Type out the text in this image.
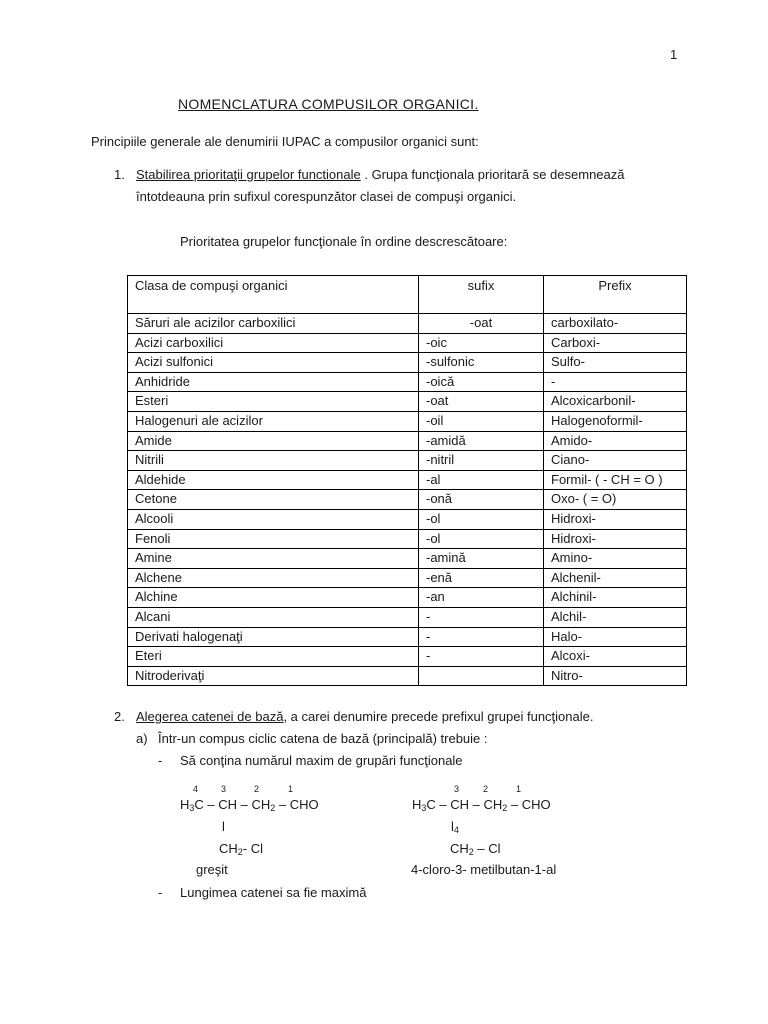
1
NOMENCLATURA COMPUSILOR ORGANICI.
Principiile generale ale denumirii IUPAC a compusilor organici sunt:
1. Stabilirea prioritaţii grupelor functionale . Grupa funcţionala prioritară se desemnează
întotdeauna prin sufixul corespunzător clasei de compuşi organici.
Prioritatea grupelor funcţionale în ordine descrescătoare:
Clasa de compuşi organici	sufix	Prefix
Săruri ale acizilor carboxilici	-oat	carboxilato-
Acizi carboxilici	-oic	Carboxi-
Acizi sulfonici	-sulfonic	Sulfo-
Anhidride	-oică	-
Esteri	-oat	Alcoxicarbonil-
Halogenuri ale acizilor	-oil	Halogenoformil-
Amide	-amidă	Amido-
Nitrili	-nitril	Ciano-
Aldehide	-al	Formil- ( - CH = O )
Cetone	-onă	Oxo- ( = O)
Alcooli	-ol	Hidroxi-
Fenoli	-ol	Hidroxi-
Amine	-amină	Amino-
Alchene	-enă	Alchenil-
Alchine	-an	Alchinil-
Alcani	-	Alchil-
Derivati halogenaţi	-	Halo-
Eteri	-	Alcoxi-
Nitroderivaţi		Nitro-
2. Alegerea catenei de bază, a carei denumire precede prefixul grupei funcţionale.
a) Într-un compus ciclic catena de bază (principală) trebuie :
- Să conţina numărul maxim de grupări funcţionale
4	3	2	1
$H_3C$ – CH – $CH_2$ – CHO
l
$CH_2-$ Cl
greşit
3	2	1
$H_3C$ – CH – $CH_2$ – CHO
$l_4$
$CH_2$ – Cl
4-cloro-3- metilbutan-1-al
- Lungimea catenei sa fie maximă
